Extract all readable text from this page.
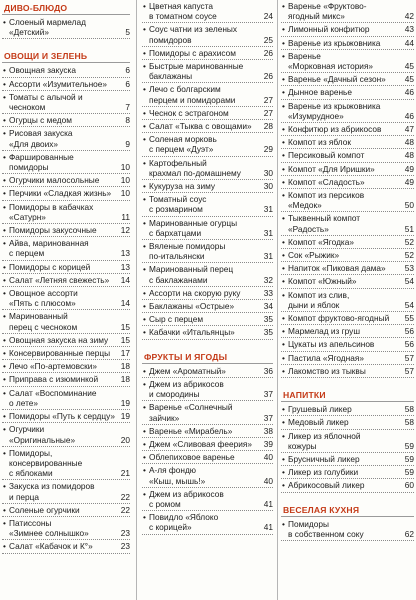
ДИВО-БЛЮДО
• Слоеный мармелад
«Детский»	5
ОВОЩИ И ЗЕЛЕНЬ
• Овощная закуска	6
• Ассорти «Изумительное» 6
• Томаты с алычой и чесноком	7
• Огурцы с медом	8
• Рисовая закуска
«Для двоих»	9
• Фаршированные
помидоры	10
• Огурчики малосольные	10
• Перчики «Сладкая жизнь» 10
• Помидоры в кабачках
«Сатурн»	11
• Помидоры закусочные	12
• Айва, маринованная
с перцем	13
• Помидоры с корицей	13
• Салат «Летняя свежесть» 14
• Овощное ассорти
«Пять с плюсом»	14
• Маринованный
перец с чесноком	15
• Овощная закуска на зиму 15
• Консервированные перцы 17
• Лечо «По-артемовски»	18
• Приправа с изюминкой	18
• Салат «Воспоминание
о лете»	19
• Помидоры «Путь к сердцу» 19
• Огурчики
«Оригинальные»	20
• Помидоры,
консервированные
с яблоками	21
• Закуска из помидоров
и перца	22
• Соленые огурчики	22
• Патиссоны
«Зимнее солнышко»	23
• Салат «Кабачок и К°»	23
• Цветная капуста
в томатном соусе	24
• Соус чатни из зеленых
помидоров	25
• Помидоры с арахисом	26
• Быстрые маринованные
баклажаны	26
• Лечо с болгарским
перцем и помидорами	27
• Чеснок с эстрагоном	27
• Салат «Тыква с овощами» 28
• Соленая морковь
с перцем «Дуэт»	29
• Картофельный
крахмал по-домашнему	30
• Кукуруза на зиму	30
• Томатный соус
с розмарином	31
• Маринованные огурцы
с бархатцами	31
• Вяленые помидоры
по-итальянски	31
• Маринованный перец
с баклажанами	32
• Ассорти на скорую руку	33
• Баклажаны «Острые»	34
• Сыр с перцем	35
• Кабачки «Итальянцы»	35
ФРУКТЫ И ЯГОДЫ
• Джем «Ароматный»	36
• Джем из абрикосов
и смородины	37
• Варенье «Солнечный
зайчик»	37
• Варенье «Мирабель»	38
• Джем «Сливовая феерия» 39
• Облепиховое варенье	40
• А-ля фондю
«Кыш, мышь!»	40
• Джем из абрикосов
с ромом	41
• Повидло «Яблоко
с корицей»	41
• Варенье «Фруктово-
ягодный микс»	42
• Лимонный конфитюр	43
• Варенье из крыжовника	44
• Варенье
«Морковная история»	45
• Варенье «Дачный сезон» 45
• Дынное варенье	46
• Варенье из крыжовника
«Изумрудное»	46
• Конфитюр из абрикосов	47
• Компот из яблок	48
• Персиковый компот	48
• Компот «Для Иришки»	49
• Компот «Сладость»	49
• Компот из персиков
«Медок»	50
• Тыквенный компот
«Радость»	51
• Компот «Ягодка»	52
• Сок «Рыжик»	52
• Напиток «Пиковая дама» 53
• Компот «Южный»	54
• Компот из слив,
дыни и яблок	54
• Компот фруктово-ягодный 55
• Мармелад из груш	56
• Цукаты из апельсинов	56
• Пастила «Ягодная»	57
• Лакомство из тыквы	57
НАПИТКИ
• Грушевый ликер	58
• Медовый ликер	58
• Ликер из яблочной
кожуры	59
• Брусничный ликер	59
• Ликер из голубики	59
• Абрикосовый ликер	60
ВЕСЕЛАЯ КУХНЯ
• Помидоры
в собственном соку	62
